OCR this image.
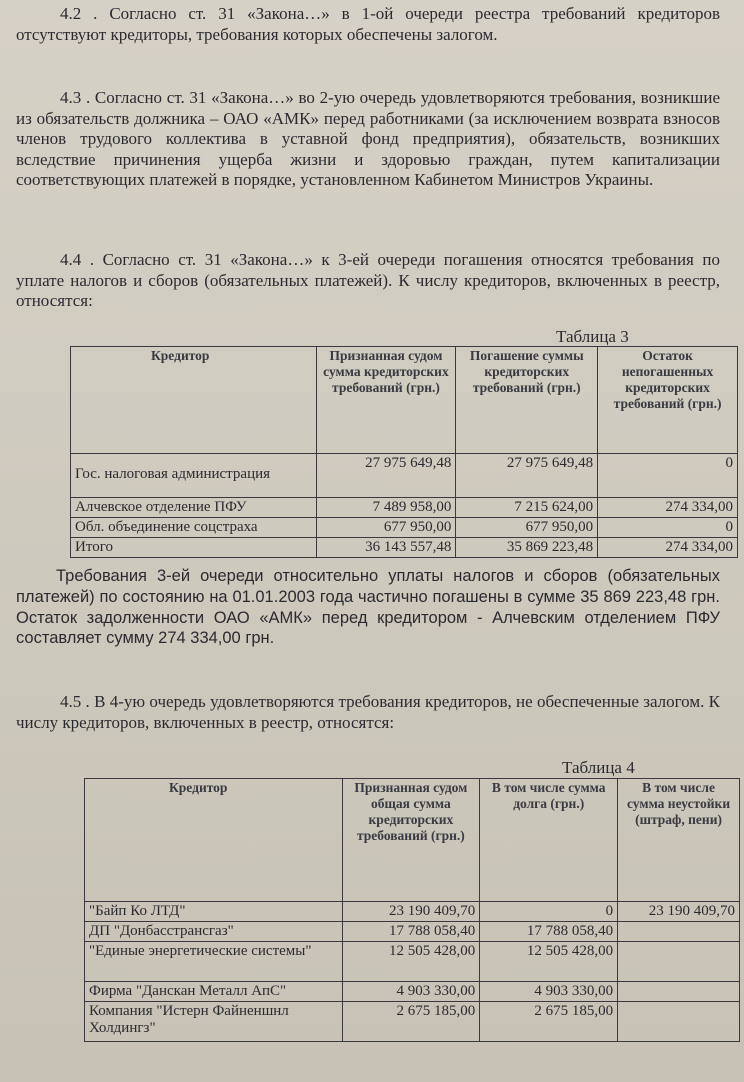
4.2 . Согласно ст. 31 «Закона…» в 1-ой очереди реестра требований кредиторов отсутствуют кредиторы, требования которых обеспечены залогом.

4.3 . Согласно ст. 31 «Закона…» во 2-ую очередь удовлетворяются требования, возникшие из обязательств должника – ОАО «АМК» перед работниками (за исключением возврата взносов членов трудового коллектива в уставной фонд предприятия), обязательств, возникших вследствие причинения ущерба жизни и здоровью граждан, путем капитализации соответствующих платежей в порядке, установленном Кабинетом Министров Украины.

4.4 . Согласно ст. 31 «Закона…» к 3-ей очереди погашения относятся требования по уплате налогов и сборов (обязательных платежей). К числу кредиторов, включенных в реестр, относятся:

Таблица 3
Кредитор	Признанная судом сумма кредиторских требований (грн.)	Погашение суммы кредиторских требований (грн.)	Остаток непогашенных кредиторских требований (грн.)
Гос. налоговая администрация	27 975 649,48	27 975 649,48	0
Алчевское отделение ПФУ	7 489 958,00	7 215 624,00	274 334,00
Обл. объединение соцстраха	677 950,00	677 950,00	0
Итого	36 143 557,48	35 869 223,48	274 334,00

Требования 3-ей очереди относительно уплаты налогов и сборов (обязательных платежей) по состоянию на 01.01.2003 года частично погашены в сумме 35 869 223,48 грн. Остаток задолженности ОАО «АМК» перед кредитором - Алчевским отделением ПФУ составляет сумму 274 334,00 грн.

4.5 . В 4-ую очередь удовлетворяются требования кредиторов, не обеспеченные залогом. К числу кредиторов, включенных в реестр, относятся:

Таблица 4
Кредитор	Признанная судом общая сумма кредиторских требований (грн.)	В том числе сумма долга (грн.)	В том числе сумма неустойки (штраф, пени)
"Байп Ко ЛТД"	23 190 409,70	0	23 190 409,70
ДП "Донбасстрансгаз"	17 788 058,40	17 788 058,40	
"Единые энергетические системы"	12 505 428,00	12 505 428,00	
Фирма "Данскан Металл АпС"	4 903 330,00	4 903 330,00	
Компания "Истерн Файненшнл Холдингз"	2 675 185,00	2 675 185,00	
